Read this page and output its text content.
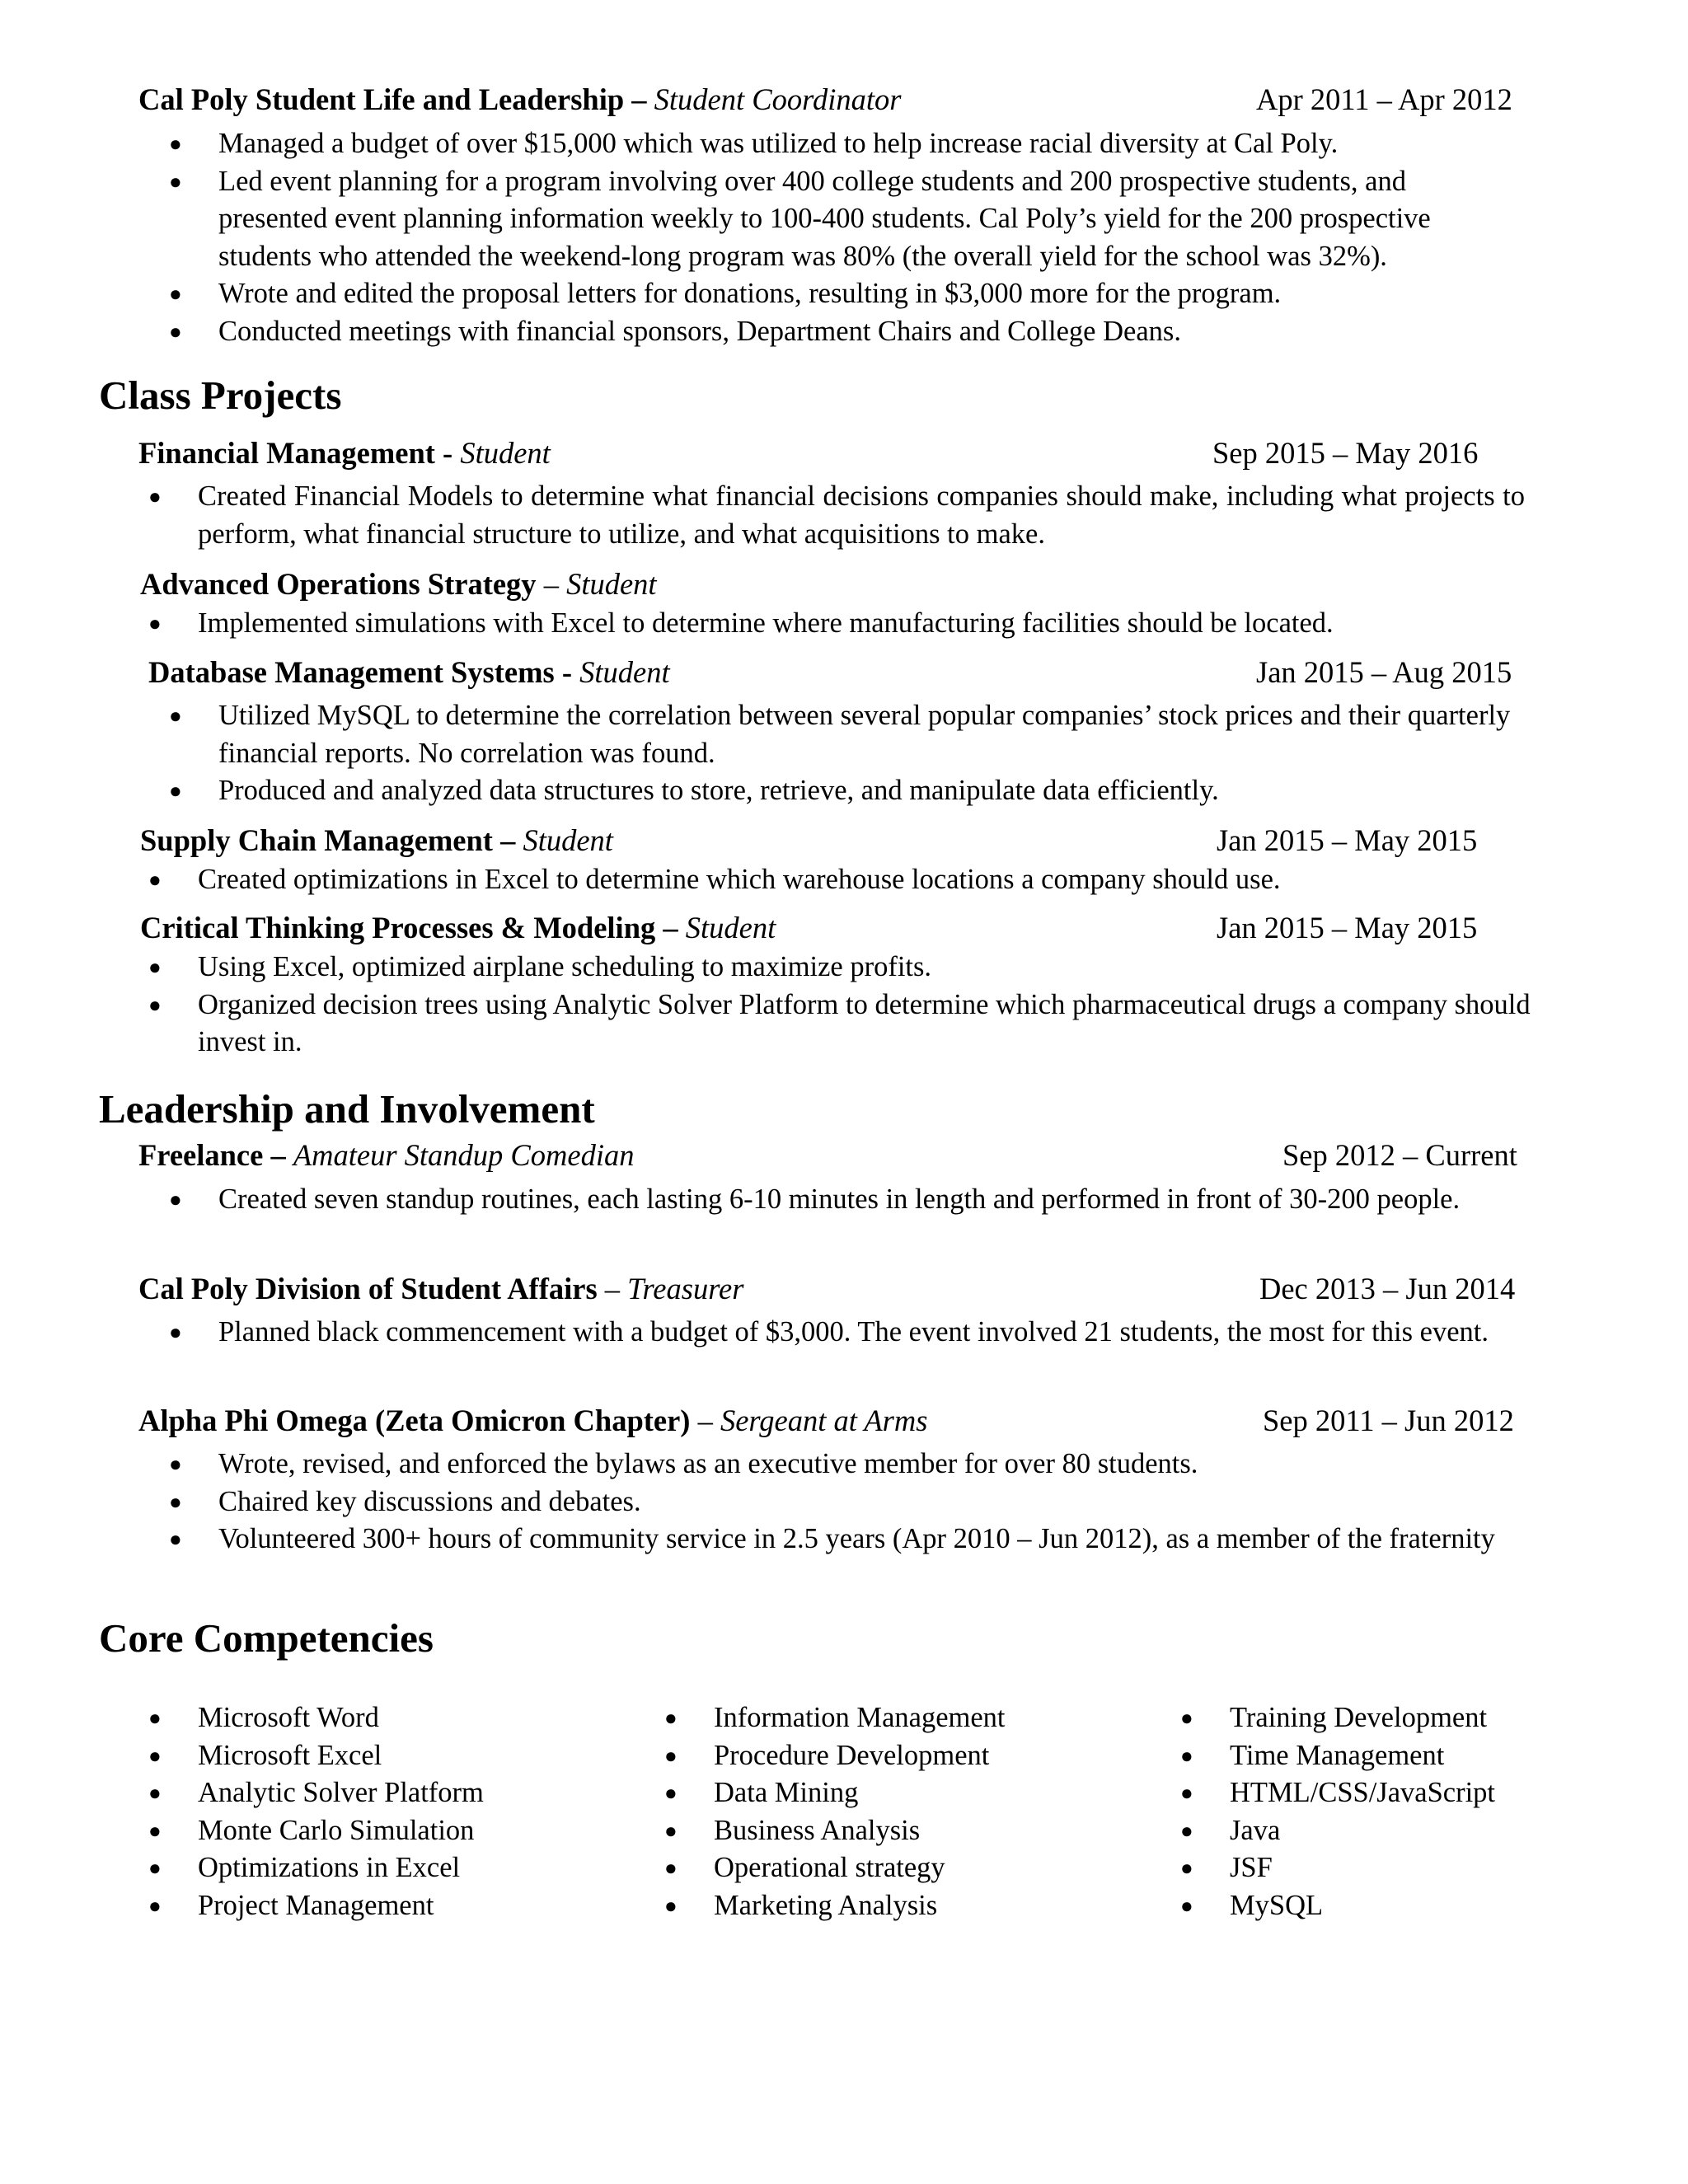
Cal Poly Student Life and Leadership – Student Coordinator	Apr 2011 – Apr 2012
● Managed a budget of over $15,000 which was utilized to help increase racial diversity at Cal Poly.
● Led event planning for a program involving over 400 college students and 200 prospective students, and presented event planning information weekly to 100-400 students. Cal Poly’s yield for the 200 prospective students who attended the weekend-long program was 80% (the overall yield for the school was 32%).
● Wrote and edited the proposal letters for donations, resulting in $3,000 more for the program.
● Conducted meetings with financial sponsors, Department Chairs and College Deans.
Class Projects
Financial Management - Student	Sep 2015 – May 2016
● Created Financial Models to determine what financial decisions companies should make, including what projects to perform, what financial structure to utilize, and what acquisitions to make.
Advanced Operations Strategy – Student
● Implemented simulations with Excel to determine where manufacturing facilities should be located.
Database Management Systems - Student	Jan 2015 – Aug 2015
● Utilized MySQL to determine the correlation between several popular companies’ stock prices and their quarterly financial reports. No correlation was found.
● Produced and analyzed data structures to store, retrieve, and manipulate data efficiently.
Supply Chain Management – Student	Jan 2015 – May 2015
● Created optimizations in Excel to determine which warehouse locations a company should use.
Critical Thinking Processes & Modeling – Student	Jan 2015 – May 2015
● Using Excel, optimized airplane scheduling to maximize profits.
● Organized decision trees using Analytic Solver Platform to determine which pharmaceutical drugs a company should invest in.
Leadership and Involvement
Freelance – Amateur Standup Comedian	Sep 2012 – Current
● Created seven standup routines, each lasting 6-10 minutes in length and performed in front of 30-200 people.
Cal Poly Division of Student Affairs – Treasurer	Dec 2013 – Jun 2014
● Planned black commencement with a budget of $3,000. The event involved 21 students, the most for this event.
Alpha Phi Omega (Zeta Omicron Chapter) – Sergeant at Arms	Sep 2011 – Jun 2012
● Wrote, revised, and enforced the bylaws as an executive member for over 80 students.
● Chaired key discussions and debates.
● Volunteered 300+ hours of community service in 2.5 years (Apr 2010 – Jun 2012), as a member of the fraternity
Core Competencies
● Microsoft Word
● Microsoft Excel
● Analytic Solver Platform
● Monte Carlo Simulation
● Optimizations in Excel
● Project Management
● Information Management
● Procedure Development
● Data Mining
● Business Analysis
● Operational strategy
● Marketing Analysis
● Training Development
● Time Management
● HTML/CSS/JavaScript
● Java
● JSF
● MySQL
